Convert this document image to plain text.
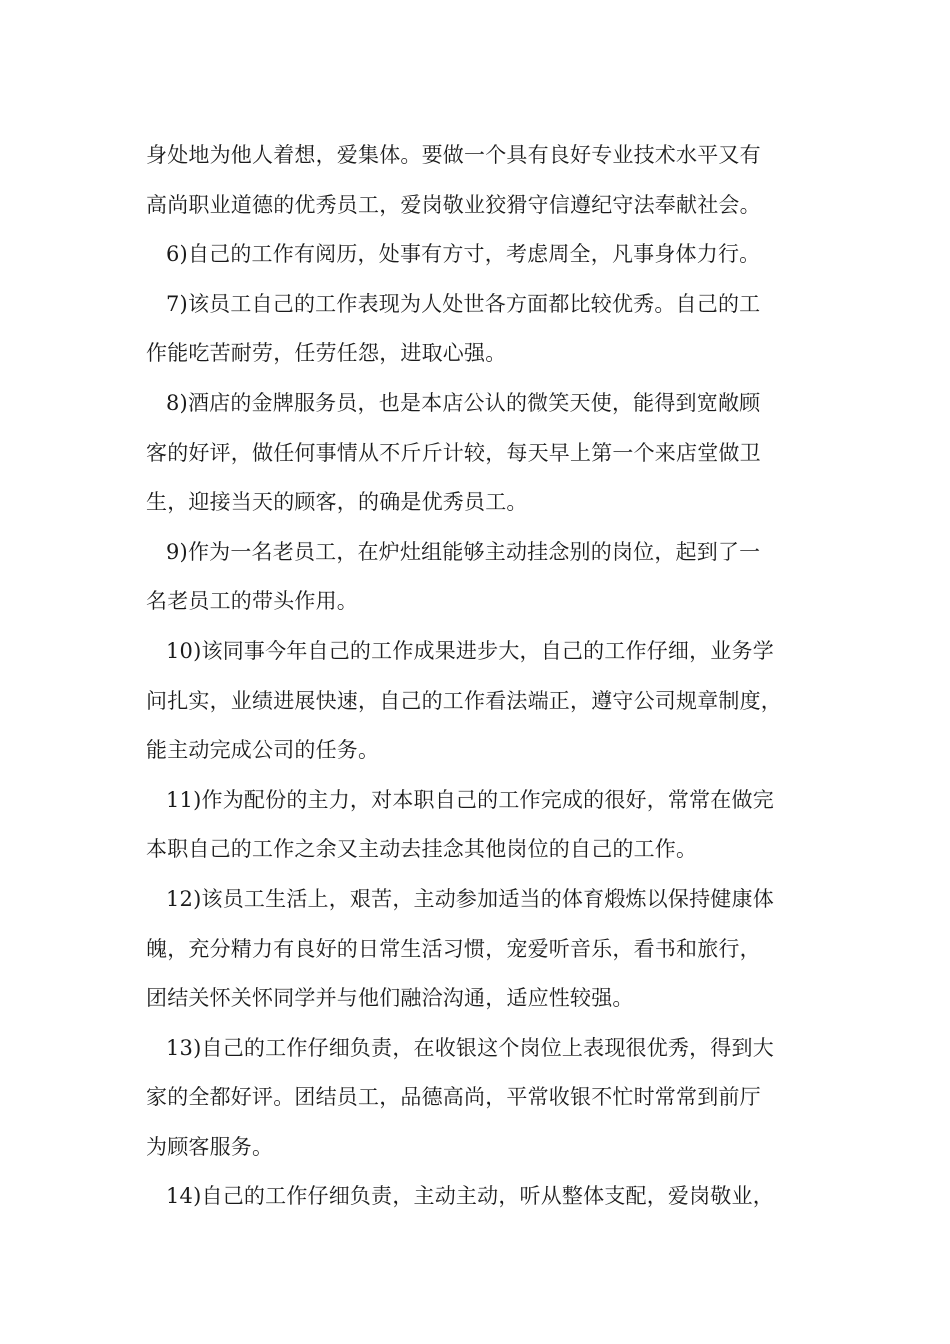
身处地为他人着想，爱集体。要做一个具有良好专业技术水平又有
高尚职业道德的优秀员工，爱岗敬业狡猾守信遵纪守法奉献社会。
6)自己的工作有阅历，处事有方寸，考虑周全，凡事身体力行。
7)该员工自己的工作表现为人处世各方面都比较优秀。自己的工
作能吃苦耐劳，任劳任怨，进取心强。
8)酒店的金牌服务员，也是本店公认的微笑天使，能得到宽敞顾
客的好评，做任何事情从不斤斤计较，每天早上第一个来店堂做卫
生，迎接当天的顾客，的确是优秀员工。
9)作为一名老员工，在炉灶组能够主动挂念别的岗位，起到了一
名老员工的带头作用。
10)该同事今年自己的工作成果进步大，自己的工作仔细，业务学
问扎实，业绩进展快速，自己的工作看法端正，遵守公司规章制度，
能主动完成公司的任务。
11)作为配份的主力，对本职自己的工作完成的很好，常常在做完
本职自己的工作之余又主动去挂念其他岗位的自己的工作。
12)该员工生活上，艰苦，主动参加适当的体育煅炼以保持健康体
魄，充分精力有良好的日常生活习惯，宠爱听音乐，看书和旅行，
团结关怀关怀同学并与他们融洽沟通，适应性较强。
13)自己的工作仔细负责，在收银这个岗位上表现很优秀，得到大
家的全都好评。团结员工，品德高尚，平常收银不忙时常常到前厅
为顾客服务。
14)自己的工作仔细负责，主动主动，听从整体支配，爱岗敬业，
